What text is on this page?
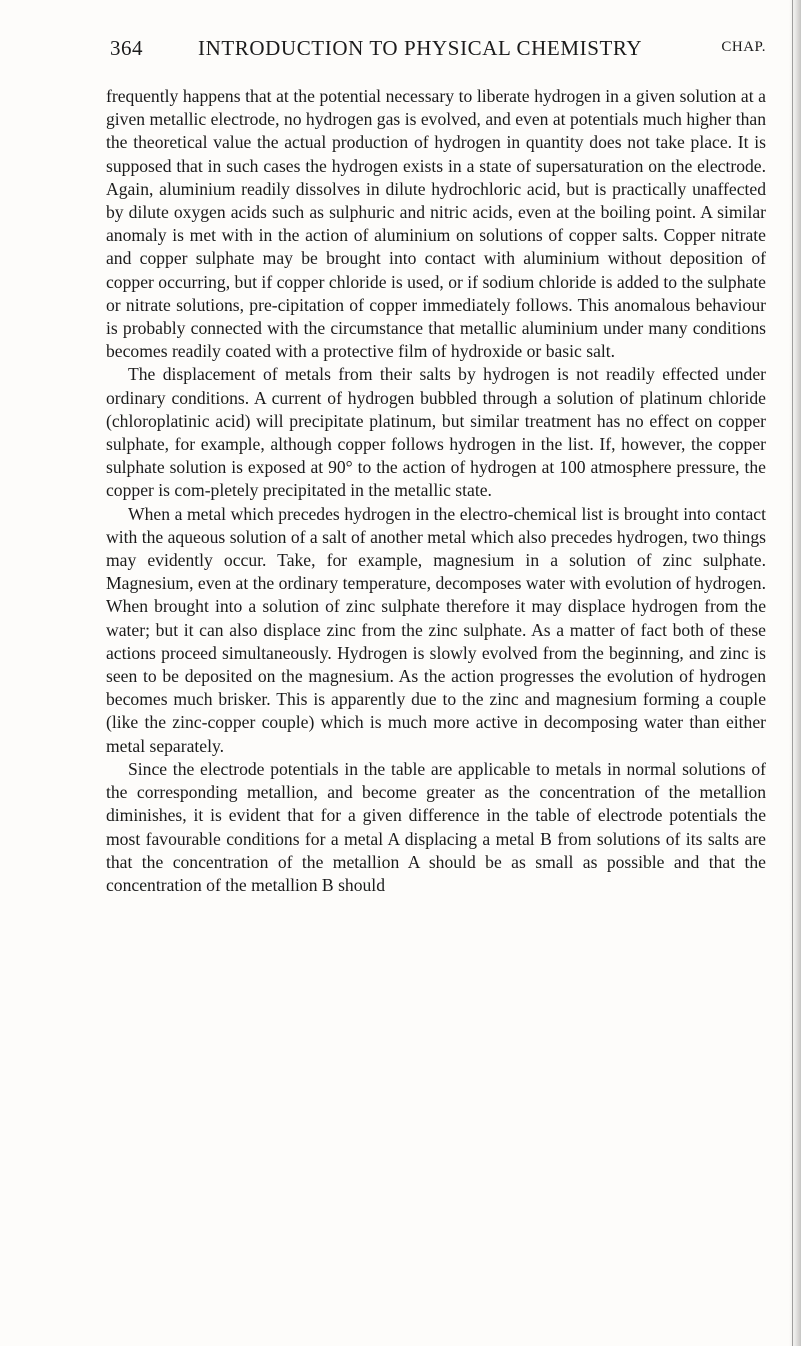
364	INTRODUCTION TO PHYSICAL CHEMISTRY	CHAP.

frequently happens that at the potential necessary to liberate hydrogen in a given solution at a given metallic electrode, no hydrogen gas is evolved, and even at potentials much higher than the theoretical value the actual production of hydrogen in quantity does not take place. It is supposed that in such cases the hydrogen exists in a state of supersaturation on the electrode. Again, aluminium readily dissolves in dilute hydrochloric acid, but is practically unaffected by dilute oxygen acids such as sulphuric and nitric acids, even at the boiling point. A similar anomaly is met with in the action of aluminium on solutions of copper salts. Copper nitrate and copper sulphate may be brought into contact with aluminium without deposition of copper occurring, but if copper chloride is used, or if sodium chloride is added to the sulphate or nitrate solutions, pre-cipitation of copper immediately follows. This anomalous behaviour is probably connected with the circumstance that metallic aluminium under many conditions becomes readily coated with a protective film of hydroxide or basic salt.

The displacement of metals from their salts by hydrogen is not readily effected under ordinary conditions. A current of hydrogen bubbled through a solution of platinum chloride (chloroplatinic acid) will precipitate platinum, but similar treatment has no effect on copper sulphate, for example, although copper follows hydrogen in the list. If, however, the copper sulphate solution is exposed at 90° to the action of hydrogen at 100 atmosphere pressure, the copper is com-pletely precipitated in the metallic state.

When a metal which precedes hydrogen in the electro-chemical list is brought into contact with the aqueous solution of a salt of another metal which also precedes hydrogen, two things may evidently occur. Take, for example, magnesium in a solution of zinc sulphate. Magnesium, even at the ordinary temperature, decomposes water with evolution of hydrogen. When brought into a solution of zinc sulphate therefore it may displace hydrogen from the water; but it can also displace zinc from the zinc sulphate. As a matter of fact both of these actions proceed simultaneously. Hydrogen is slowly evolved from the beginning, and zinc is seen to be deposited on the magnesium. As the action progresses the evolution of hydrogen becomes much brisker. This is apparently due to the zinc and magnesium forming a couple (like the zinc-copper couple) which is much more active in decomposing water than either metal separately.

Since the electrode potentials in the table are applicable to metals in normal solutions of the corresponding metallion, and become greater as the concentration of the metallion diminishes, it is evident that for a given difference in the table of electrode potentials the most favourable conditions for a metal A displacing a metal B from solutions of its salts are that the concentration of the metallion A should be as small as possible and that the concentration of the metallion B should
